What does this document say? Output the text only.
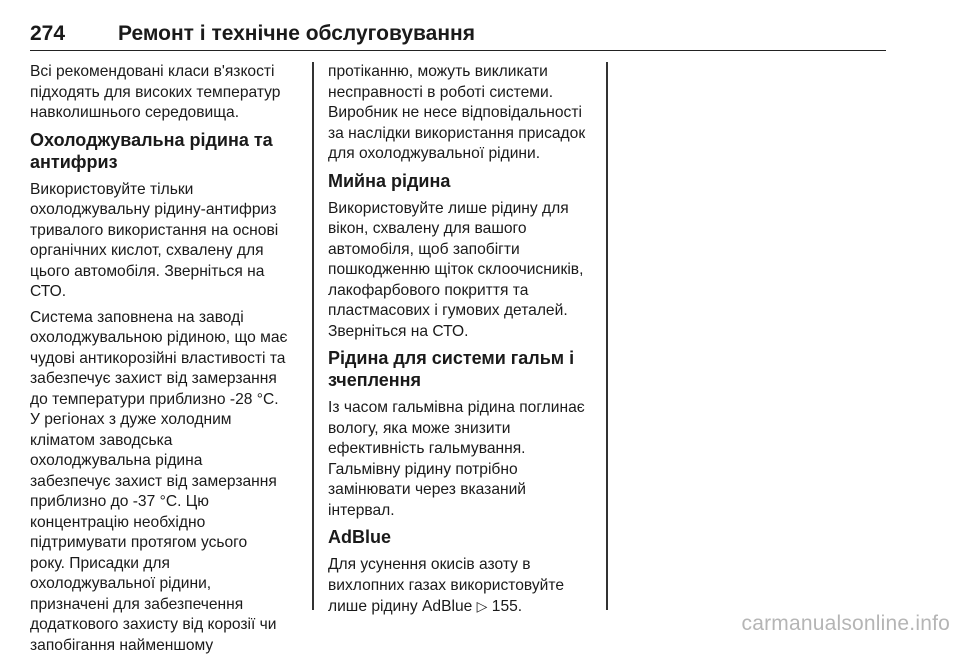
274	Ремонт і технічне обслуговування

Всі рекомендовані класи в'язкості
підходять для високих температур
навколишнього середовища.

Охолоджувальна рідина та
антифриз

Використовуйте тільки
охолоджувальну рідину-антифриз
тривалого використання на основі
органічних кислот, схвалену для
цього автомобіля. Зверніться на
СТО.

Система заповнена на заводі
охолоджувальною рідиною, що має
чудові антикорозійні властивості та
забезпечує захист від замерзання
до температури приблизно -28 °C.
У регіонах з дуже холодним
кліматом заводська
охолоджувальна рідина
забезпечує захист від замерзання
приблизно до -37 °C. Цю
концентрацію необхідно
підтримувати протягом усього
року. Присадки для
охолоджувальної рідини,
призначені для забезпечення
додаткового захисту від корозії чи
запобігання найменшому

протіканню, можуть викликати
несправності в роботі системи.
Виробник не несе відповідальності
за наслідки використання присадок
для охолоджувальної рідини.

Мийна рідина

Використовуйте лише рідину для
вікон, схвалену для вашого
автомобіля, щоб запобігти
пошкодженню щіток склоочисників,
лакофарбового покриття та
пластмасових і гумових деталей.
Зверніться на СТО.

Рідина для системи гальм і
зчеплення

Із часом гальмівна рідина поглинає
вологу, яка може знизити
ефективність гальмування.
Гальмівну рідину потрібно
замінювати через вказаний
інтервал.

AdBlue

Для усунення окисів азоту в
вихлопних газах використовуйте
лише рідину AdBlue ▷ 155.

carmanualsonline.info
